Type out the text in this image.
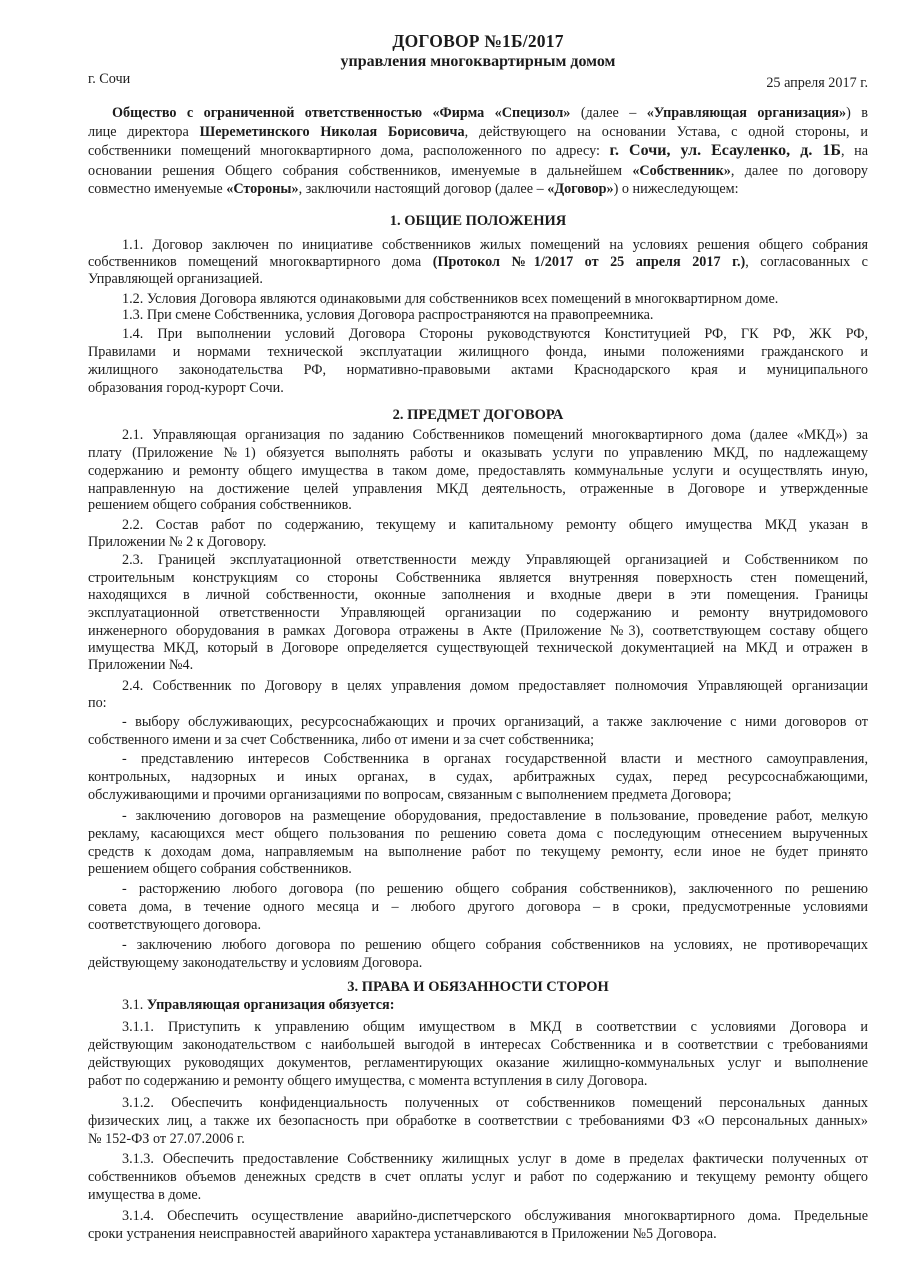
ДОГОВОР №1Б/2017
управления многоквартирным домом
г. Сочи	25 апреля 2017 г.
Общество с ограниченной ответственностью «Фирма «Специзол» (далее – «Управляющая организация») в
лице директора Шереметинского Николая Борисовича, действующего на основании Устава, с одной стороны, и
собственники помещений многоквартирного дома, расположенного по адресу: г. Сочи, ул. Есауленко, д. 1Б, на
основании решения Общего собрания собственников, именуемые в дальнейшем «Собственник», далее по договору
совместно именуемые «Стороны», заключили настоящий договор (далее – «Договор») о нижеследующем:
1. ОБЩИЕ ПОЛОЖЕНИЯ
1.1. Договор заключен по инициативе собственников жилых помещений на условиях решения общего собрания
собственников помещений многоквартирного дома (Протокол №1/2017 от 25 апреля 2017 г.), согласованных с
Управляющей организацией.
1.2. Условия Договора являются одинаковыми для собственников всех помещений в многоквартирном доме.
1.3. При смене Собственника, условия Договора распространяются на правопреемника.
1.4. При выполнении условий Договора Стороны руководствуются Конституцией РФ, ГК РФ, ЖК РФ,
Правилами и нормами технической эксплуатации жилищного фонда, иными положениями гражданского и
жилищного законодательства РФ, нормативно-правовыми актами Краснодарского края и муниципального
образования город-курорт Сочи.
2. ПРЕДМЕТ ДОГОВОРА
2.1. Управляющая организация по заданию Собственников помещений многоквартирного дома (далее «МКД») за
плату (Приложение №1) обязуется выполнять работы и оказывать услуги по управлению МКД, по надлежащему
содержанию и ремонту общего имущества в таком доме, предоставлять коммунальные услуги и осуществлять иную,
направленную на достижение целей управления МКД деятельность, отраженные в Договоре и утвержденные
решением общего собрания собственников.
2.2. Состав работ по содержанию, текущему и капитальному ремонту общего имущества МКД указан в
Приложении № 2 к Договору.
2.3. Границей эксплуатационной ответственности между Управляющей организацией и Собственником по
строительным конструкциям со стороны Собственника является внутренняя поверхность стен помещений,
находящихся в личной собственности, оконные заполнения и входные двери в эти помещения. Границы
эксплуатационной ответственности Управляющей организации по содержанию и ремонту внутридомового
инженерного оборудования в рамках Договора отражены в Акте (Приложение №3), соответствующем составу общего
имущества МКД, который в Договоре определяется существующей технической документацией на МКД и отражен в
Приложении №4.
2.4. Собственник по Договору в целях управления домом предоставляет полномочия Управляющей организации
по:
- выбору обслуживающих, ресурсоснабжающих и прочих организаций, а также заключение с ними договоров от
собственного имени и за счет Собственника, либо от имени и за счет собственника;
- представлению интересов Собственника в органах государственной власти и местного самоуправления,
контрольных, надзорных и иных органах, в судах, арбитражных судах, перед ресурсоснабжающими,
обслуживающими и прочими организациями по вопросам, связанным с выполнением предмета Договора;
- заключению договоров на размещение оборудования, предоставление в пользование, проведение работ, мелкую
рекламу, касающихся мест общего пользования по решению совета дома с последующим отнесением вырученных
средств к доходам дома, направляемым на выполнение работ по текущему ремонту, если иное не будет принято
решением общего собрания собственников.
- расторжению любого договора (по решению общего собрания собственников), заключенного по решению
совета дома, в течение одного месяца и – любого другого договора – в сроки, предусмотренные условиями
соответствующего договора.
- заключению любого договора по решению общего собрания собственников на условиях, не противоречащих
действующему законодательству и условиям Договора.
3. ПРАВА И ОБЯЗАННОСТИ СТОРОН
3.1. Управляющая организация обязуется:
3.1.1. Приступить к управлению общим имуществом в МКД в соответствии с условиями Договора и
действующим законодательством с наибольшей выгодой в интересах Собственника и в соответствии с требованиями
действующих руководящих документов, регламентирующих оказание жилищно-коммунальных услуг и выполнение
работ по содержанию и ремонту общего имущества, с момента вступления в силу Договора.
3.1.2. Обеспечить конфиденциальность полученных от собственников помещений персональных данных
физических лиц, а также их безопасность при обработке в соответствии с требованиями ФЗ «О персональных данных»
№ 152-ФЗ от 27.07.2006 г.
3.1.3. Обеспечить предоставление Собственнику жилищных услуг в доме в пределах фактически полученных от
собственников объемов денежных средств в счет оплаты услуг и работ по содержанию и текущему ремонту общего
имущества в доме.
3.1.4. Обеспечить осуществление аварийно-диспетчерского обслуживания многоквартирного дома. Предельные
сроки устранения неисправностей аварийного характера устанавливаются в Приложении №5 Договора.
